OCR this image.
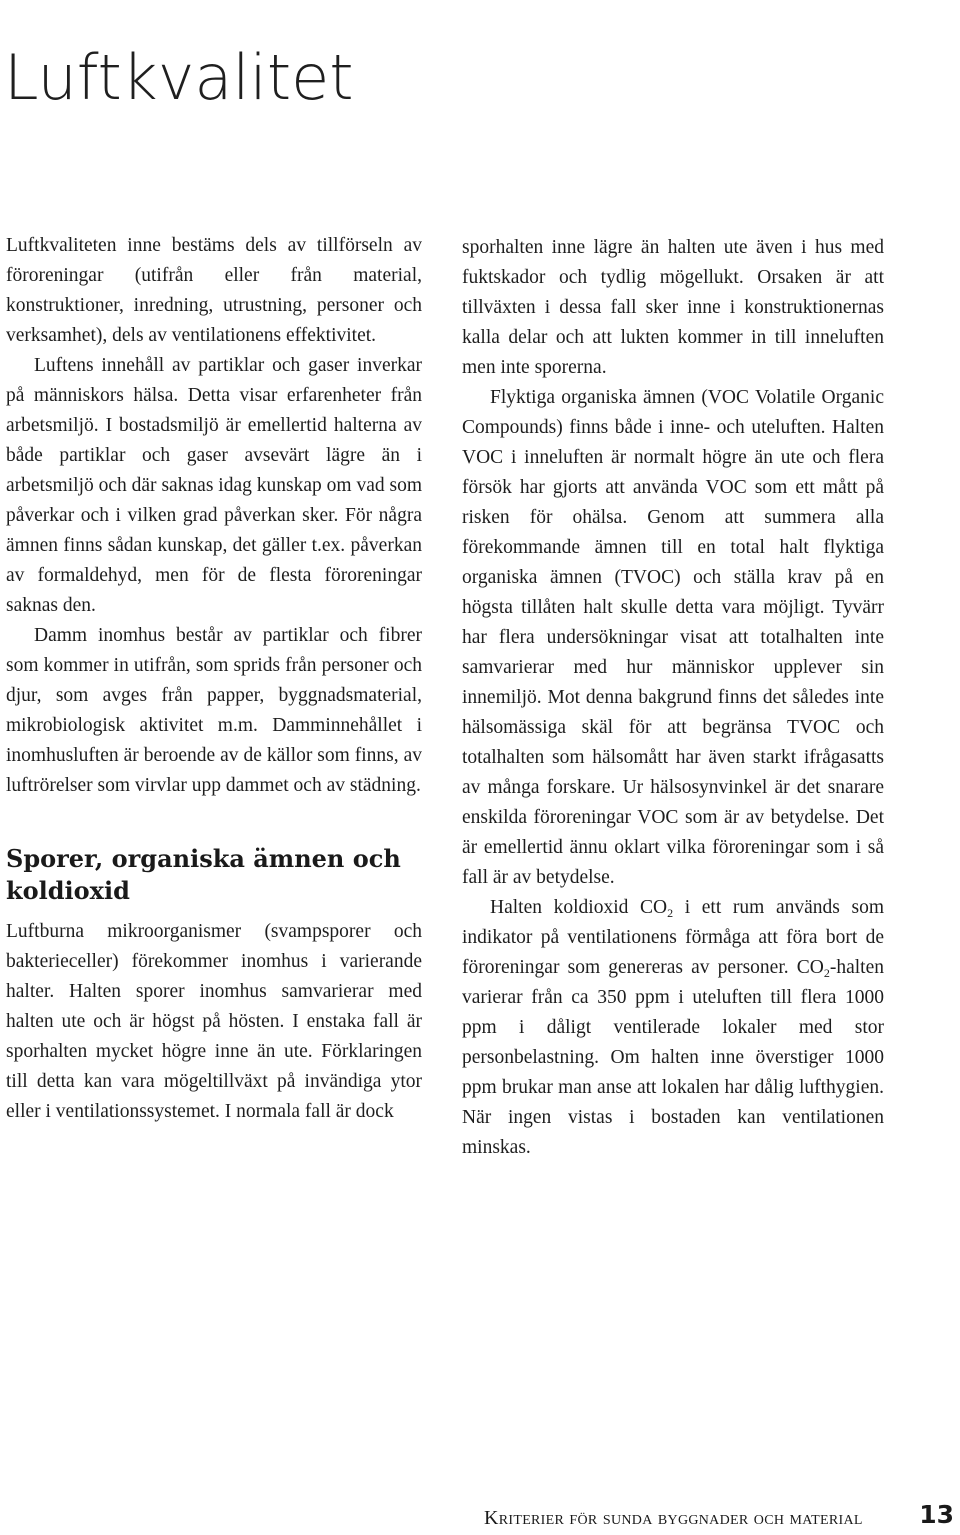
Luftkvalitet

Luftkvaliteten inne bestäms dels av tillförseln av föroreningar (utifrån eller från material, konstruktioner, inredning, utrustning, personer och verksamhet), dels av ventilationens effektivitet.

Luftens innehåll av partiklar och gaser inverkar på människors hälsa. Detta visar erfarenheter från arbetsmiljö. I bostadsmiljö är emellertid halterna av både partiklar och gaser avsevärt lägre än i arbetsmiljö och där saknas idag kunskap om vad som påverkar och i vilken grad påverkan sker. För några ämnen finns sådan kunskap, det gäller t.ex. påverkan av formaldehyd, men för de flesta föroreningar saknas den.

Damm inomhus består av partiklar och fibrer som kommer in utifrån, som sprids från personer och djur, som avges från papper, byggnadsmaterial, mikrobiologisk aktivitet m.m. Damminnehållet i inomhusluften är beroende av de källor som finns, av luftrörelser som virvlar upp dammet och av städning.

Sporer, organiska ämnen och koldioxid

Luftburna mikroorganismer (svampsporer och bakterieceller) förekommer inomhus i varierande halter. Halten sporer inomhus samvarierar med halten ute och är högst på hösten. I enstaka fall är sporhalten mycket högre inne än ute. Förklaringen till detta kan vara mögeltillväxt på invändiga ytor eller i ventilationssystemet. I normala fall är dock

sporhalten inne lägre än halten ute även i hus med fuktskador och tydlig mögellukt. Orsaken är att tillväxten i dessa fall sker inne i konstruktionernas kalla delar och att lukten kommer in till inneluften men inte sporerna.

Flyktiga organiska ämnen (VOC Volatile Organic Compounds) finns både i inne- och uteluften. Halten VOC i inneluften är normalt högre än ute och flera försök har gjorts att använda VOC som ett mått på risken för ohälsa. Genom att summera alla förekommande ämnen till en total halt flyktiga organiska ämnen (TVOC) och ställa krav på en högsta tillåten halt skulle detta vara möjligt. Tyvärr har flera undersökningar visat att totalhalten inte samvarierar med hur människor upplever sin innemiljö. Mot denna bakgrund finns det således inte hälsomässiga skäl för att begränsa TVOC och totalhalten som hälsomått har även starkt ifrågasatts av många forskare. Ur hälsosynvinkel är det snarare enskilda föroreningar VOC som är av betydelse. Det är emellertid ännu oklart vilka föroreningar som i så fall är av betydelse.

Halten koldioxid $CO_2$ i ett rum används som indikator på ventilationens förmåga att föra bort de föroreningar som genereras av personer. $CO_2$-halten varierar från ca 350 ppm i uteluften till flera 1000 ppm i dåligt ventilerade lokaler med stor personbelastning. Om halten inne överstiger 1000 ppm brukar man anse att lokalen har dålig lufthygien. När ingen vistas i bostaden kan ventilationen minskas.

Kriterier för sunda byggnader och material 13
